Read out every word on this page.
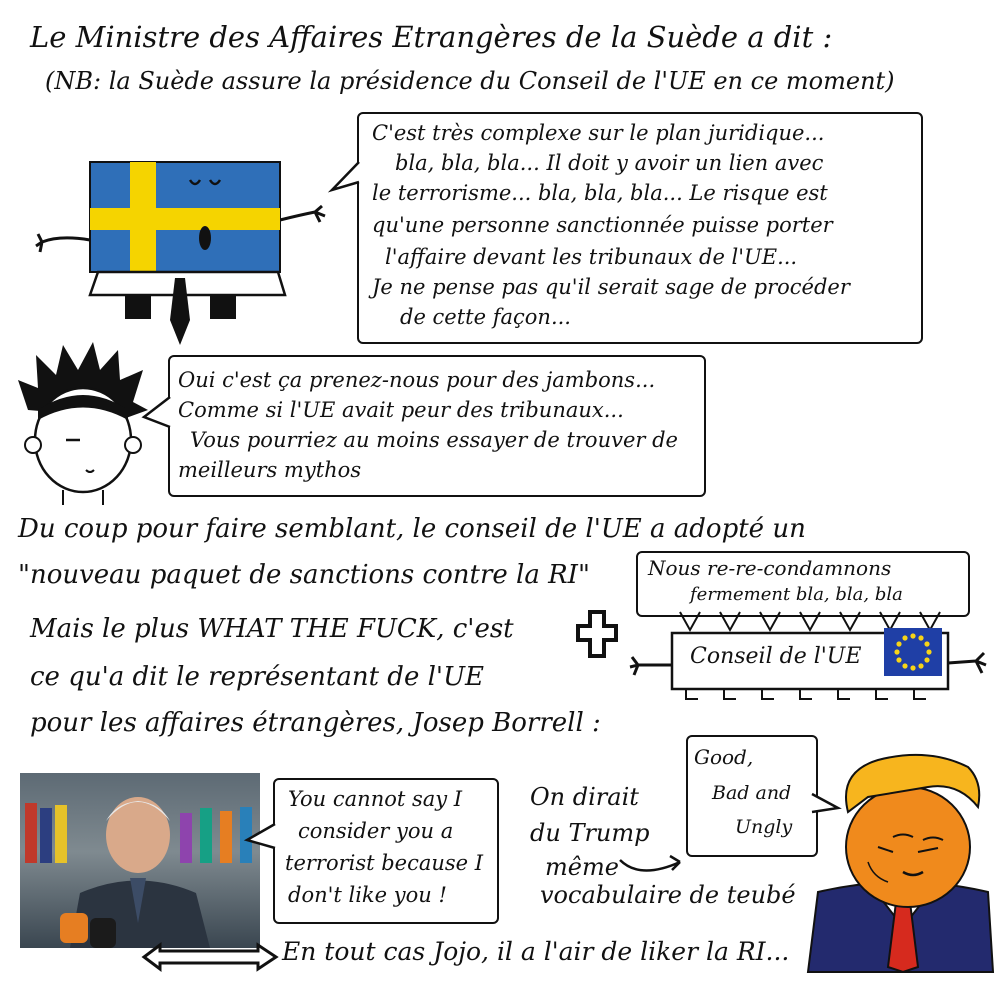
Le Ministre des Affaires Etrangères de la Suède a dit :
(NB: la Suède assure la présidence du Conseil de l'UE en ce moment)
C'est très complexe sur le plan juridique...
bla, bla, bla... Il doit y avoir un lien avec
le terrorisme... bla, bla, bla... Le risque est
qu'une personne sanctionnée puisse porter
l'affaire devant les tribunaux de l'UE...
Je ne pense pas qu'il serait sage de procéder
de cette façon...
Oui c'est ça prenez-nous pour des jambons...
Comme si l'UE avait peur des tribunaux...
Vous pourriez au moins essayer de trouver de
meilleurs mythos
Du coup pour faire semblant, le conseil de l'UE a adopté un
"nouveau paquet de sanctions contre la RI"	Nous re-re-condamnons
fermement bla, bla, bla
Conseil de l'UE
Mais le plus WHAT THE FUCK, c'est
ce qu'a dit le représentant de l'UE
pour les affaires étrangères, Josep Borrell :
You cannot say I
consider you a
terrorist because I
don't like you !
On dirait
du Trump
même
vocabulaire de teubé
Good,
Bad and
Ungly
En tout cas Jojo, il a l'air de liker la RI...
